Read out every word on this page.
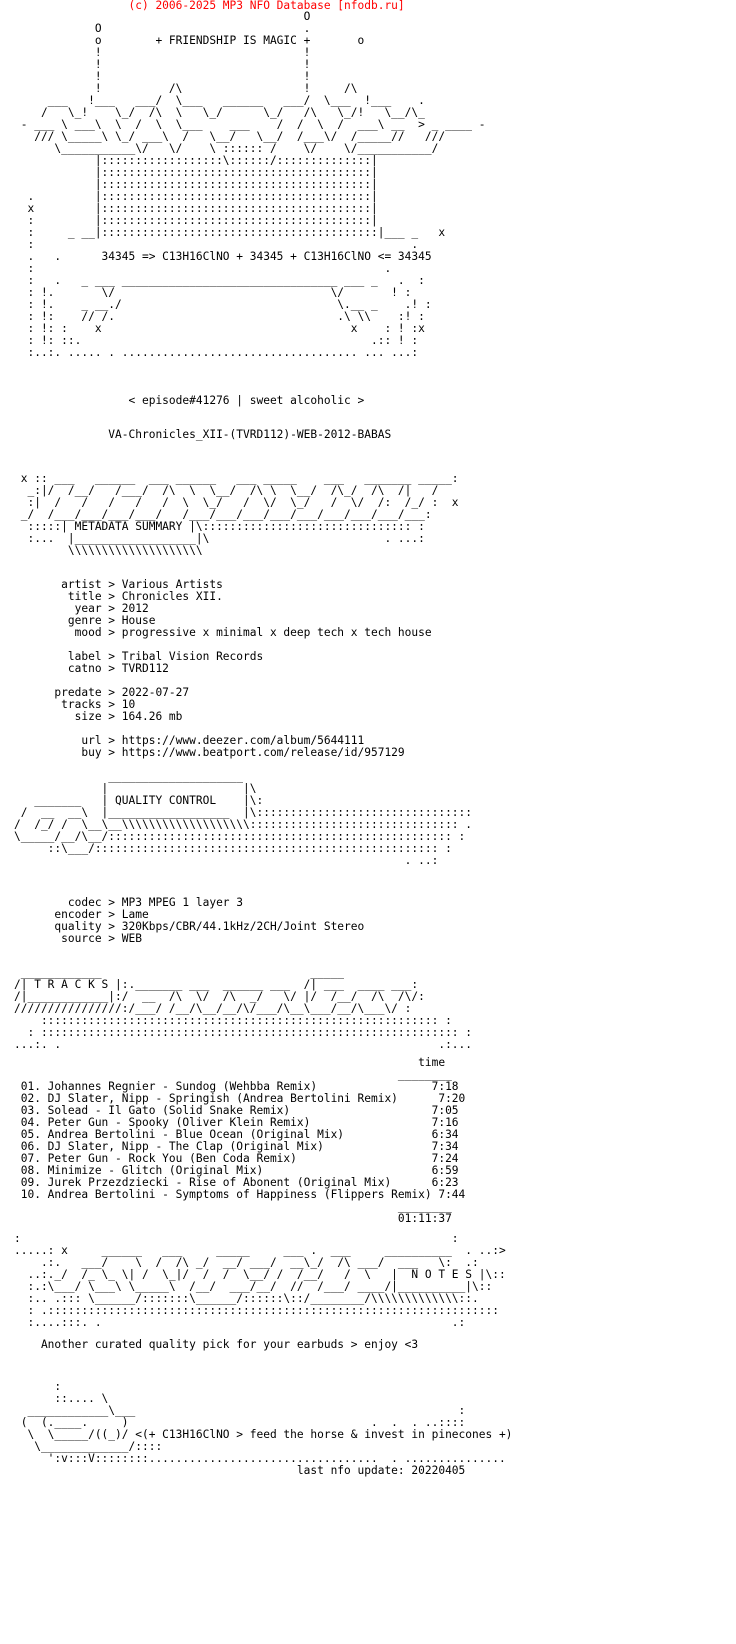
(c) 2006-2025 MP3 NFO Database [nfodb.ru]
O
O                              .
o        + FRIENDSHIP IS MAGIC +       o
!                              !
!                              !
!                              !
!          /\                  !     /\
___   !___   ___/  \___   ______   ___/  \___  !___    .
/   \_!    \_/  /\  \   \_/      \_/   /\   \_/!   \__/\_
- ___ \ ___\  \  /  \  \___    ___    /  /  \  /  ___\ __  > _ ____ -
/// \_____\ \_/ ___\  /   \__/   \__/  /___\/  /_____//   ///
\___________\/   \/    \ :::::: /    \/    \/___________/
|::::::::::::::::::\::::::/::::::::::::::|
|::::::::::::::::::::::::::::::::::::::::|
|::::::::::::::::::::::::::::::::::::::::|
.         |::::::::::::::::::::::::::::::::::::::::|
x         |::::::::::::::::::::::::::::::::::::::::|
:         |::::::::::::::::::::::::::::::::::::::::|
:     _ __|:::::::::::::::::::::::::::::::::::::::::|___ _   x
:                                                        .
.   .      34345 => C13H16ClNO + 34345 + C13H16ClNO <= 34345
:                                                    .
:   .   _ ___ ________________________________ ___ _   .  :
: !.       \/                                \/       ! :
: !.    _ __./                                \.__ _    .! :
: !:    // /.                                 .\ \\    :! :
: !: :    x                                     x    : ! :x
: !: ::.                                           .:: ! :
:..:. ..... . ................................... ... ...:
< episode#41276 | sweet alcoholic >
VA-Chronicles_XII-(TVRD112)-WEB-2012-BABAS
x :: ___   ______  ___ ______   ___ _____    ___   _______ _____:
_:|/  /__/   /___/  /\  \  \__/  /\ \  \__/  /\_/  /\  /|   /
:|  /   /   /   /   /  \  \_/   /  \/  \_/   /  \/  /:  /_/ :  x
_/  /___/___/___/___/   /___/___/___/___/___/___/___/___/___:
:::::| METADATA SUMMARY |\::::::::::::::::::::::::::::::: :
:...  |__________________|\                          . ...:
\\\\\\\\\\\\\\\\\\\\
artist > Various Artists
title > Chronicles XII.
year > 2012
genre > House
mood > progressive x minimal x deep tech x tech house
label > Tribal Vision Records
catno > TVRD112
predate > 2022-07-27
tracks > 10
size > 164.26 mb
url > https://www.deezer.com/album/5644111
buy > https://www.beatport.com/release/id/957129
____________________
|                    |\
_______   | QUALITY CONTROL    |\:
/  __  __\  |__________________  |\::::::::::::::::::::::::::::::::
/  /_/ /  \__\__\\\\\\\\\\\\\\\\\\\::::::::::::::::::::::::::::::: .
\_____/__/\__/::::::::::::::::::::::::::::::::::::::::::::::::::: :
::\___/::::::::::::::::::::::::::::::::::::::::::::::::::: :
. ..:
codec > MP3 MPEG 1 layer 3
encoder > Lame
quality > 320Kbps/CBR/44.1kHz/2CH/Joint Stereo
source > WEB
____________                               _____
/| T R A C K S |:._______ ___  ______ ___  /| ___  ____ ___:
/|____________|:/  __  /\  \/  /\  _/   \/ |/  /__/  /\  /\/:
////////////////:/___/ /__/\__/__/\/___/\__\___/__/\___\/ :
::::::::::::::::::::::::::::::::::::::::::::::::::::::::::: :
: :::::::::::::::::::::::::::::::::::::::::::::::::::::::::::::: :
...:. .                                                        .:...
time
________
01. Johannes Regnier - Sundog (Wehbba Remix)                 7:18
02. DJ Slater, Nipp - Springish (Andrea Bertolini Remix)      7:20
03. Solead - Il Gato (Solid Snake Remix)                     7:05
04. Peter Gun - Spooky (Oliver Klein Remix)                  7:16
05. Andrea Bertolini - Blue Ocean (Original Mix)             6:34
06. DJ Slater, Nipp - The Clap (Original Mix)                7:34
07. Peter Gun - Rock You (Ben Coda Remix)                    7:24
08. Minimize - Glitch (Original Mix)                         6:59
09. Jurek Przezdziecki - Rise of Abonent (Original Mix)      6:23
10. Andrea Bertolini - Symptoms of Happiness (Flippers Remix) 7:44
________
01:11:37
:                                                                :
.....: x     ______   ___     _____     ___ .  ___     __________  . ..:>
.:.   ___/    \  /  /\ _/  __/ ___/  __\_/  /\ ___/  ___   \:  .:
..:._/  /_ \_ \| /  \_|/  /  /  \__/ /  /__/   /  \   |  N O T E S |\::
:.:\___/ \___\ \_____\  /__/  ___/__/  //  /___/ ____/|__________|\::
:.. .::: \______/:::::::\______/::::::\::/________/\\\\\\\\\\\\\::.
: .:::::::::::::::::::::::::::::::::::::::::::::::::::::::::::::::::::
:....:::. .                                                    .:
Another curated quality pick for your earbuds > enjoy <3
:
::.... \
____________\___                                                :
(  (.____.     )                                    .  .  . ..::::
\  \_____/((_)/ <(+ C13H16ClNO > feed the horse & invest in pinecones +)
\_____________/::::
':v:::V::::::::..................................  . ...............
last nfo update: 20220405
